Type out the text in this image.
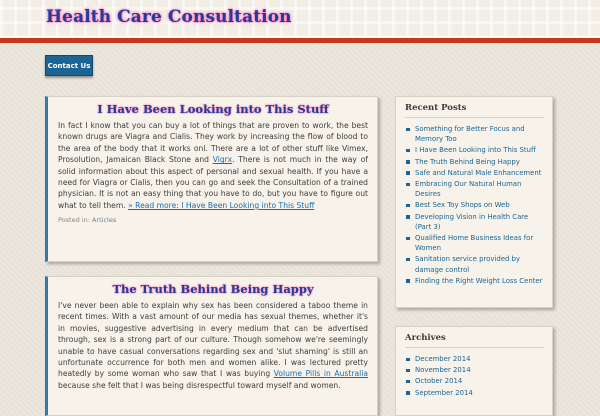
Health Care Consultation
Contact Us
I Have Been Looking into This Stuff

In fact I know that you can buy a lot of things that are proven to work, the best known drugs are Viagra and Cialis. They work by increasing the flow of blood to the area of the body that it works onl. There are a lot of other stuff like Vimex, Prosolution, Jamaican Black Stone and Vigrx. There is not much in the way of solid information about this aspect of personal and sexual health. If you have a need for Viagra or Cialis, then you can go and seek the Consultation of a trained physician. It is not an easy thing that you have to do, but you have to figure out what to tell them. » Read more: I Have Been Looking into This Stuff

Posted in: Articles
The Truth Behind Being Happy

I've never been able to explain why sex has been considered a taboo theme in recent times. With a vast amount of our media has sexual themes, whether it's in movies, suggestive advertising in every medium that can be advertised through, sex is a strong part of our culture. Though somehow we're seemingly unable to have casual conversations regarding sex and 'slut shaming' is still an unfortunate occurrence for both men and women alike. I was lectured pretty heatedly by some woman who saw that I was buying Volume Pills in Australia because she felt that I was being disrespectful toward myself and women.

Recent Posts
Something for Better Focus and Memory Too
I Have Been Looking into This Stuff
The Truth Behind Being Happy
Safe and Natural Male Enhancement
Embracing Our Natural Human Desires
Best Sex Toy Shops on Web
Developing Vision in Health Care (Part 3)
Qualified Home Business Ideas for Women
Sanitation service provided by damage control
Finding the Right Weight Loss Center
Archives
December 2014
November 2014
October 2014
September 2014
